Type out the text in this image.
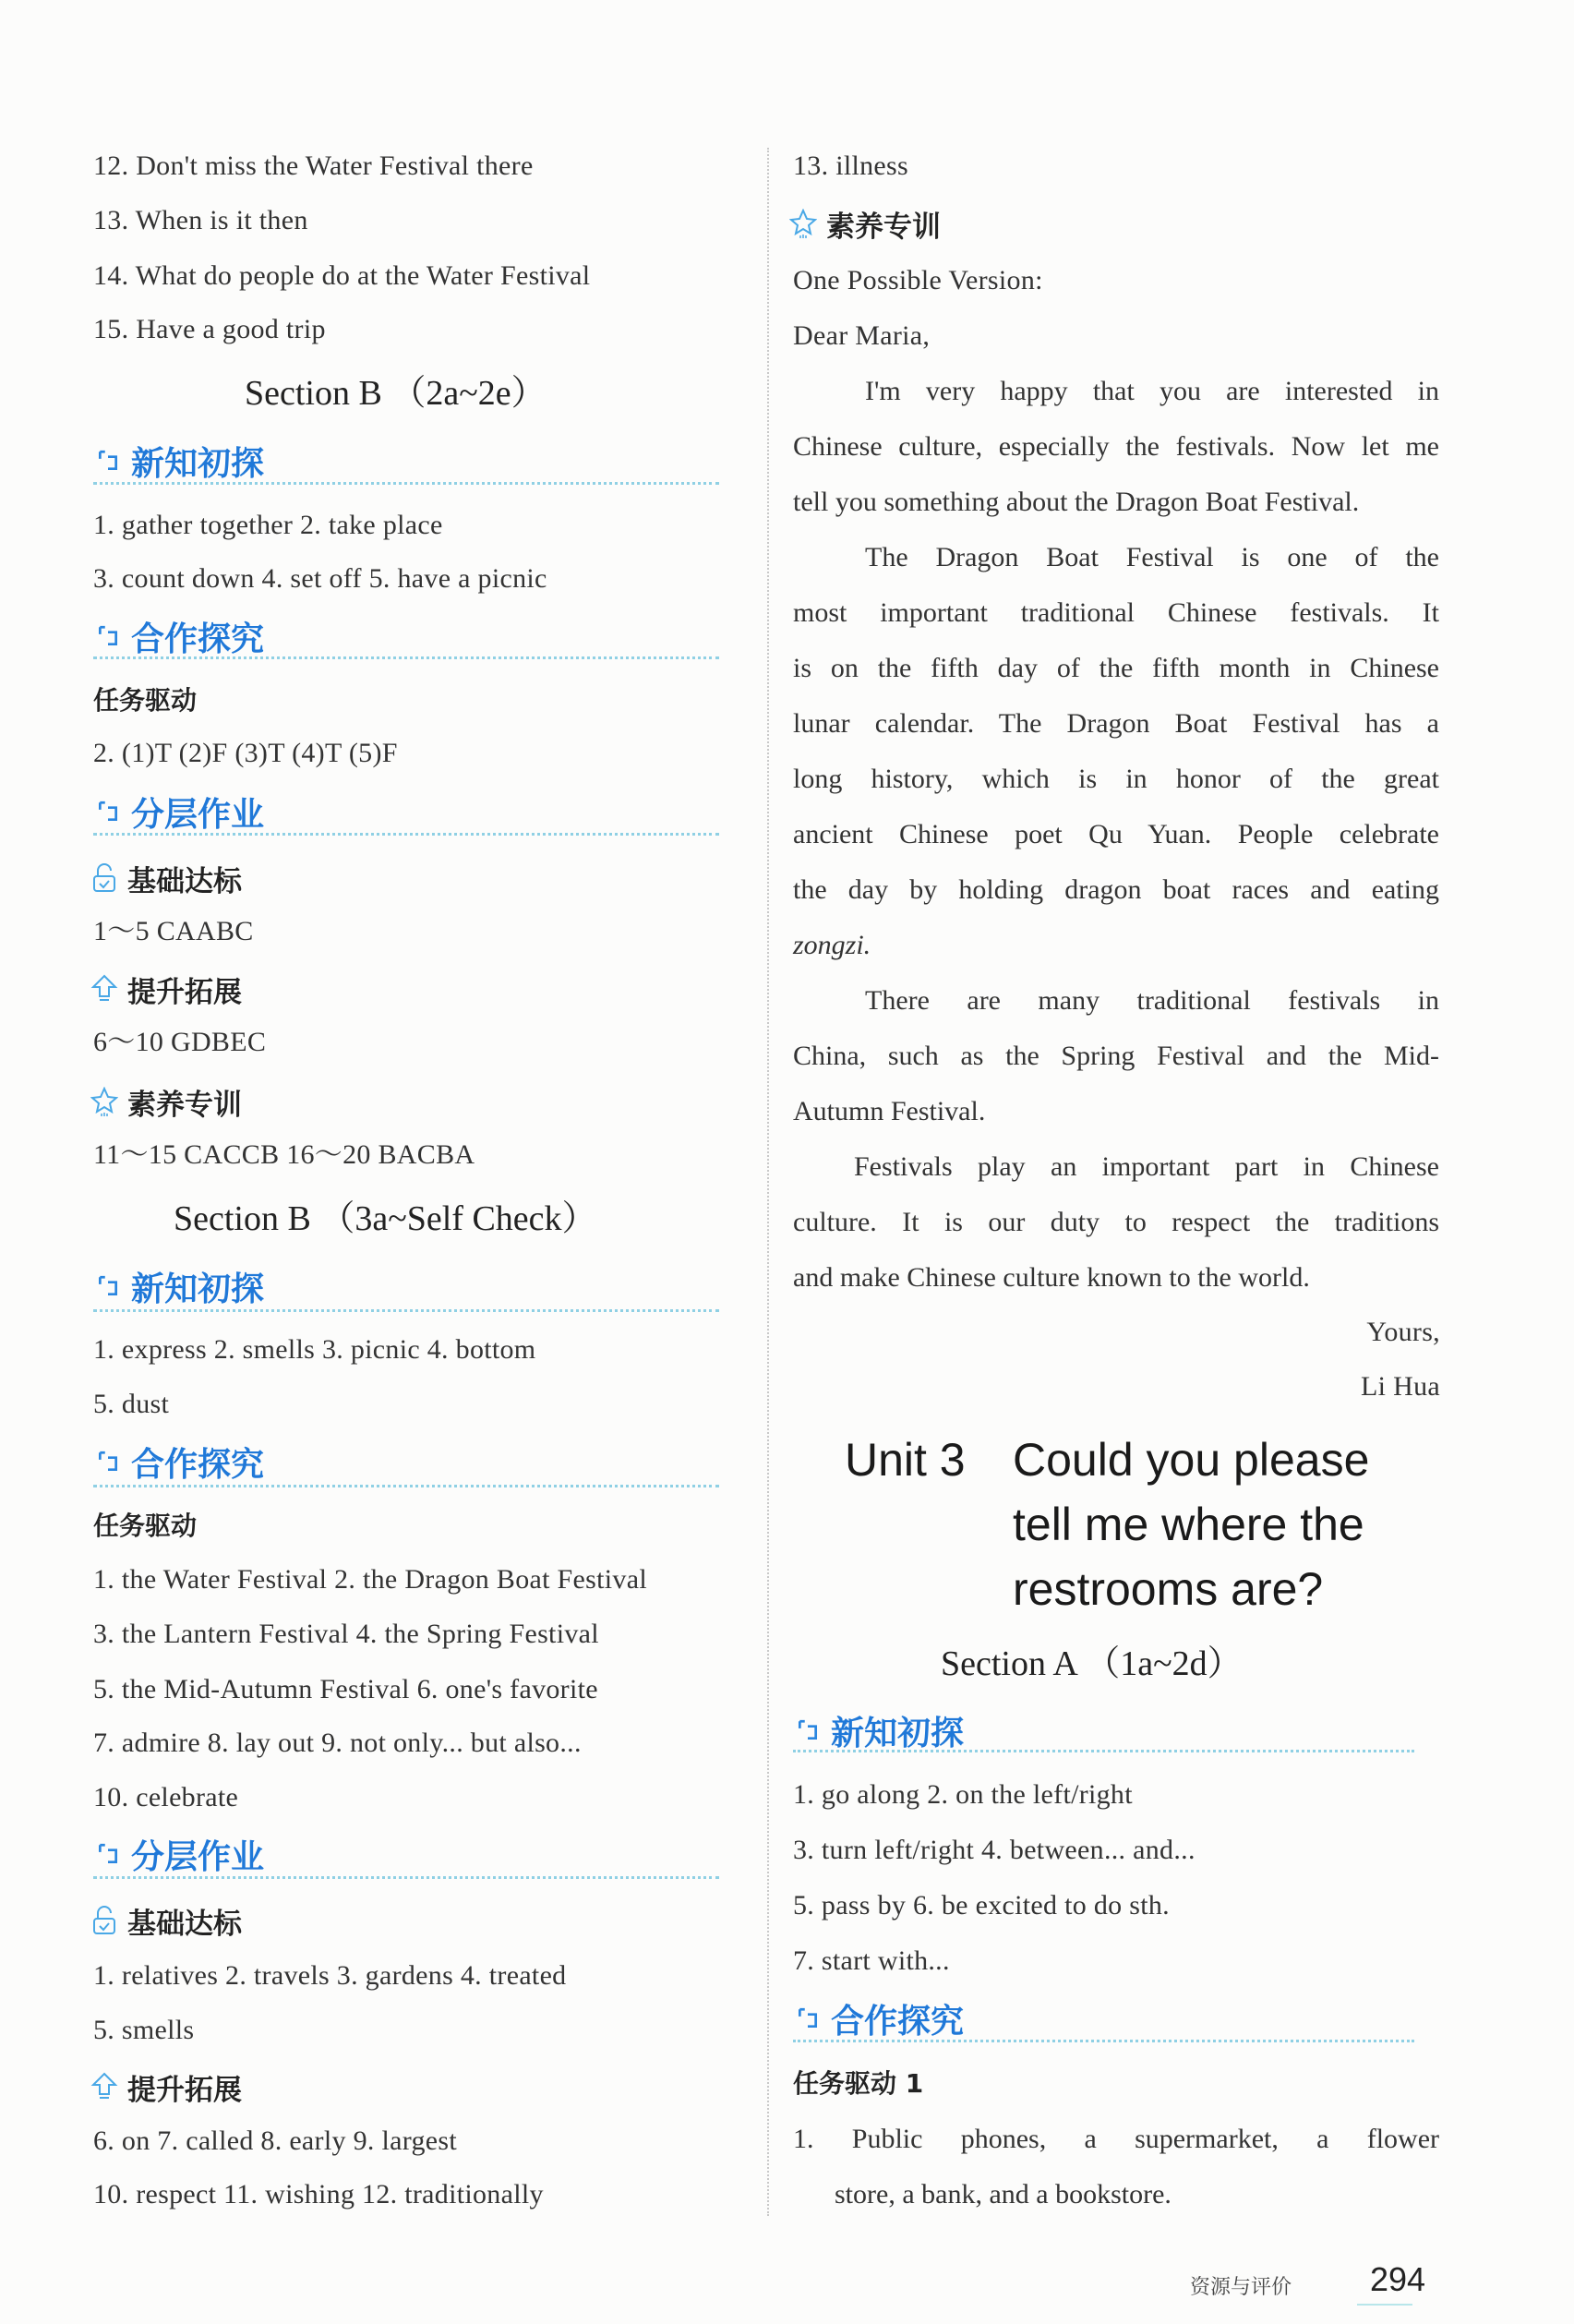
12. Don't miss the Water Festival there
13. When is it then
14. What do people do at the Water Festival
15. Have a good trip
Section B （2a~2e）
新知初探
1. gather together 2. take place
3. count down 4. set off 5. have a picnic
合作探究
任务驱动
2. (1)T (2)F (3)T (4)T (5)F
分层作业
基础达标
1～5 CAABC
提升拓展
6～10 GDBEC
素养专训
11～15 CACCB 16～20 BACBA
Section B （3a~Self Check）
新知初探
1. express 2. smells 3. picnic 4. bottom
5. dust
合作探究
任务驱动
1. the Water Festival 2. the Dragon Boat Festival
3. the Lantern Festival 4. the Spring Festival
5. the Mid-Autumn Festival 6. one's favorite
7. admire 8. lay out 9. not only... but also...
10. celebrate
分层作业
基础达标
1. relatives 2. travels 3. gardens 4. treated
5. smells
提升拓展
6. on 7. called 8. early 9. largest
10. respect 11. wishing 12. traditionally
13. illness
素养专训
One Possible Version:
Dear Maria,
I'm very happy that you are interested in
Chinese culture, especially the festivals. Now let me
tell you something about the Dragon Boat Festival.
The Dragon Boat Festival is one of the
most important traditional Chinese festivals. It
is on the fifth day of the fifth month in Chinese
lunar calendar. The Dragon Boat Festival has a
long history, which is in honor of the great
ancient Chinese poet Qu Yuan. People celebrate
the day by holding dragon boat races and eating
zongzi.
There are many traditional festivals in
China, such as the Spring Festival and the Mid-
Autumn Festival.
Festivals play an important part in Chinese
culture. It is our duty to respect the traditions
and make Chinese culture known to the world.
Yours,
Li Hua
Unit 3 Could you please
tell me where the
restrooms are?
Section A （1a~2d）
新知初探
1. go along 2. on the left/right
3. turn left/right 4. between... and...
5. pass by 6. be excited to do sth.
7. start with...
合作探究
任务驱动 1
1. Public phones, a supermarket, a flower
store, a bank, and a bookstore.
资源与评价 294
